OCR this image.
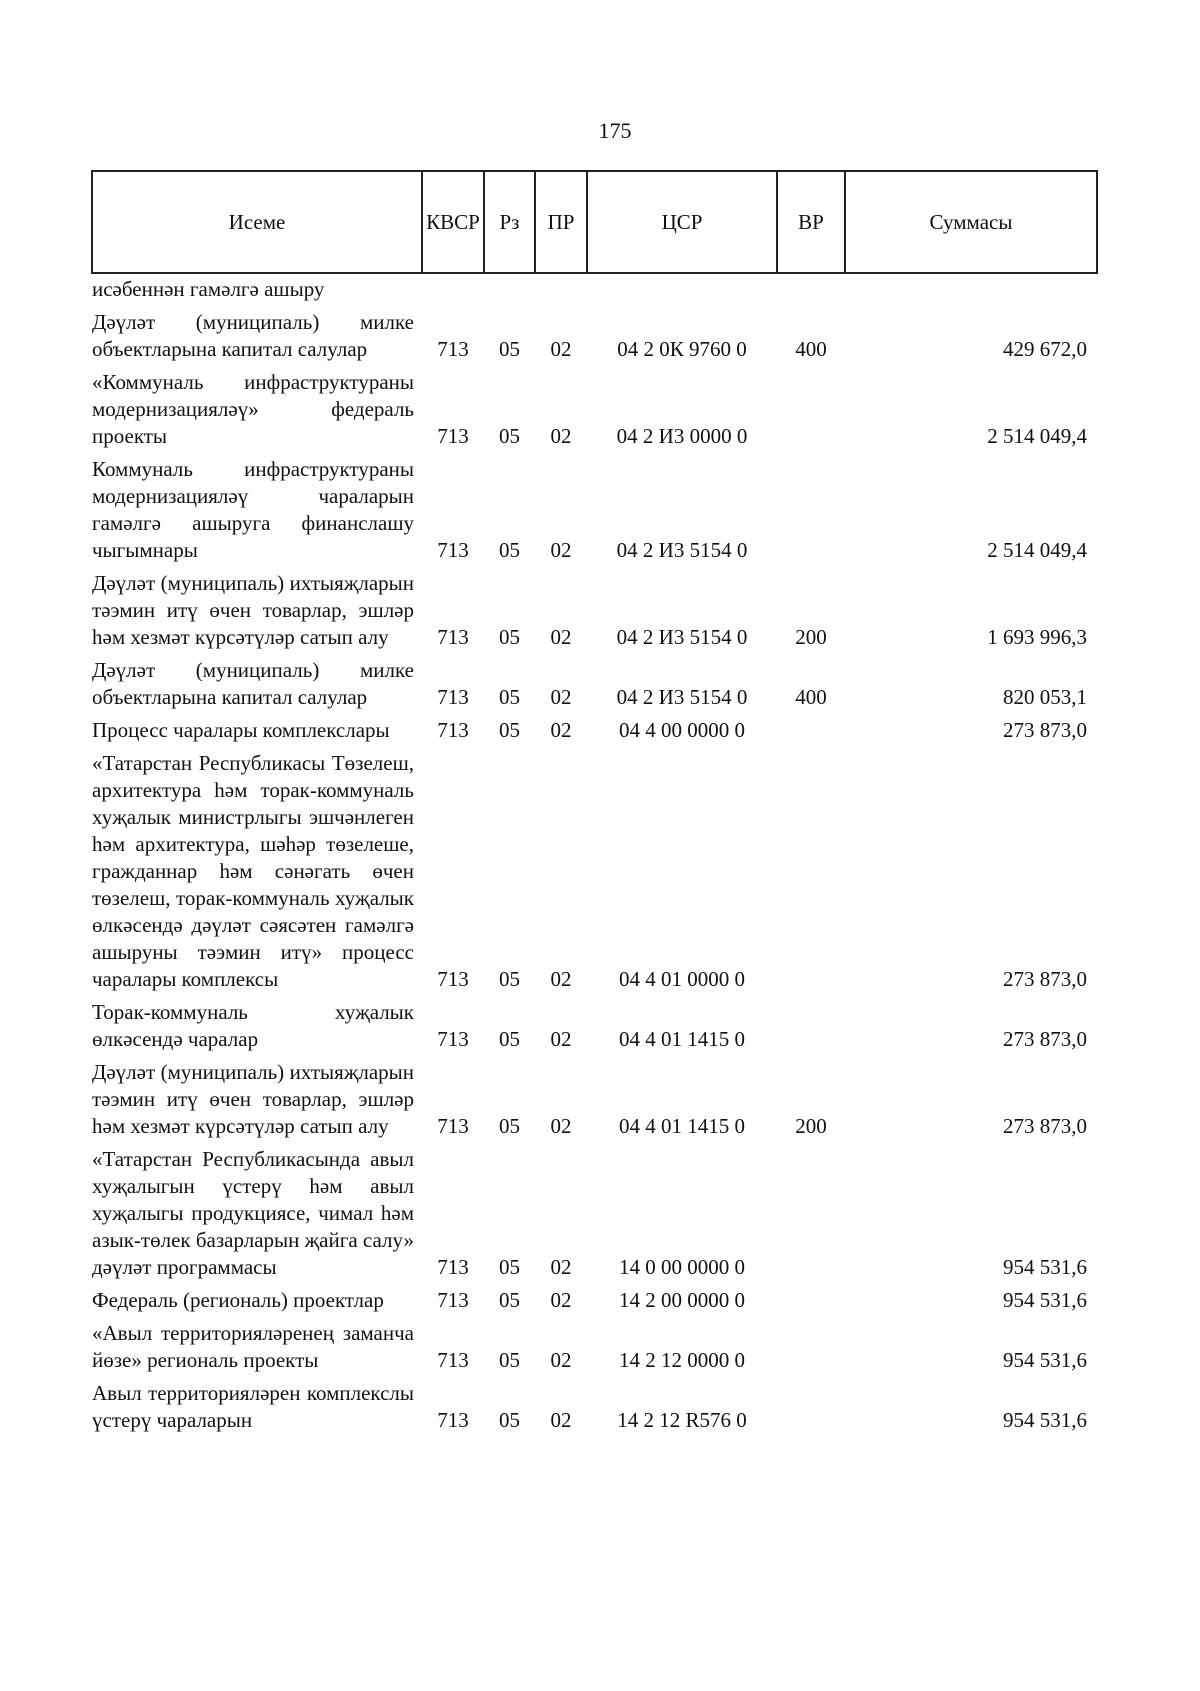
175
Исеме	КВСР	Рз	ПР	ЦСР	ВР	Суммасы
исәбеннән гамәлгә ашыру						
Дәүләт (муниципаль) милке объектларына капитал салулар	713	05	02	04 2 0К 9760 0	400	429 672,0
«Коммуналь инфраструктураны модернизацияләү» федераль проекты	713	05	02	04 2 И3 0000 0		2 514 049,4
Коммуналь инфраструктураны модернизацияләү чараларын гамәлгә ашыруга финанслашу чыгымнары	713	05	02	04 2 И3 5154 0		2 514 049,4
Дәүләт (муниципаль) ихтыяҗларын тәэмин итү өчен товарлар, эшләр һәм хезмәт күрсәтүләр сатып алу	713	05	02	04 2 И3 5154 0	200	1 693 996,3
Дәүләт (муниципаль) милке объектларына капитал салулар	713	05	02	04 2 И3 5154 0	400	820 053,1
Процесс чаралары комплекслары	713	05	02	04 4 00 0000 0		273 873,0
«Татарстан Республикасы Төзелеш, архитектура һәм торак-коммуналь хуҗалык министрлыгы эшчәнлеген һәм архитектура, шәһәр төзелеше, гражданнар һәм сәнәгать өчен төзелеш, торак-коммуналь хуҗалык өлкәсендә дәүләт сәясәтен гамәлгә ашыруны тәэмин итү» процесс чаралары комплексы	713	05	02	04 4 01 0000 0		273 873,0
Торак-коммуналь хуҗалык өлкәсендә чаралар	713	05	02	04 4 01 1415 0		273 873,0
Дәүләт (муниципаль) ихтыяҗларын тәэмин итү өчен товарлар, эшләр һәм хезмәт күрсәтүләр сатып алу	713	05	02	04 4 01 1415 0	200	273 873,0
«Татарстан Республикасында авыл хуҗалыгын үстерү һәм авыл хуҗалыгы продукциясе, чимал һәм азык-төлек базарларын җайга салу» дәүләт программасы	713	05	02	14 0 00 0000 0		954 531,6
Федераль (региональ) проектлар	713	05	02	14 2 00 0000 0		954 531,6
«Авыл территорияләренең заманча йөзе» региональ проекты	713	05	02	14 2 12 0000 0		954 531,6
Авыл территорияләрен комплекслы үстерү чараларын	713	05	02	14 2 12 R576 0		954 531,6
